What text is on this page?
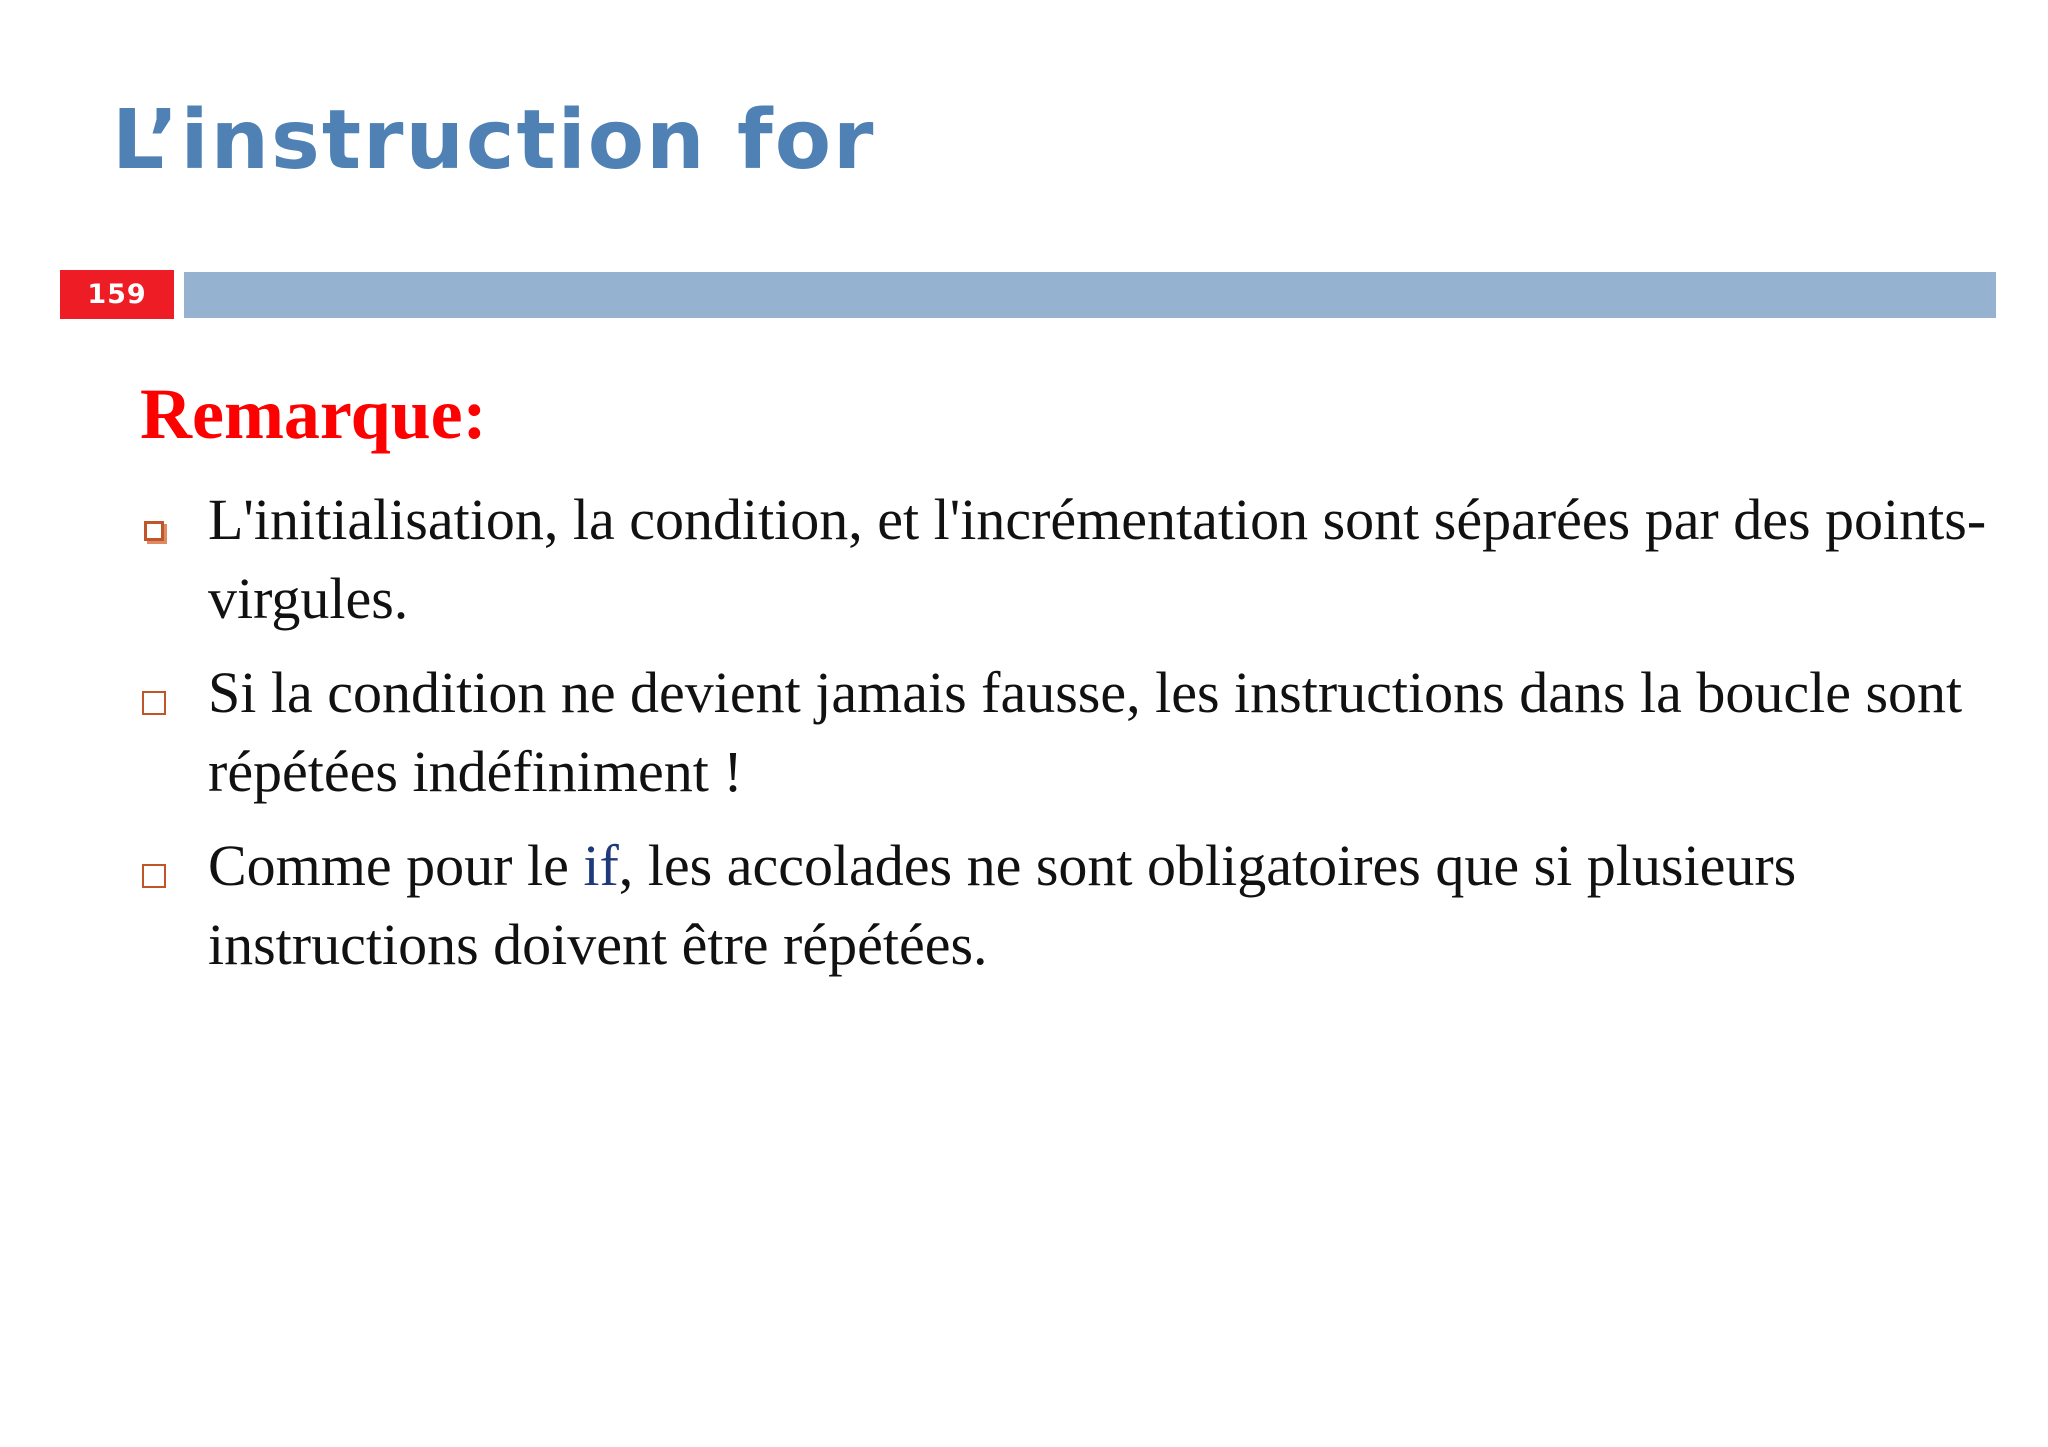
L’instruction for
159
Remarque:
L'initialisation, la condition, et l'incrémentation sont séparées par des points-virgules.
Si la condition ne devient jamais fausse, les instructions dans la boucle sont répétées indéfiniment !
Comme pour le if, les accolades ne sont obligatoires que si plusieurs instructions doivent être répétées.
